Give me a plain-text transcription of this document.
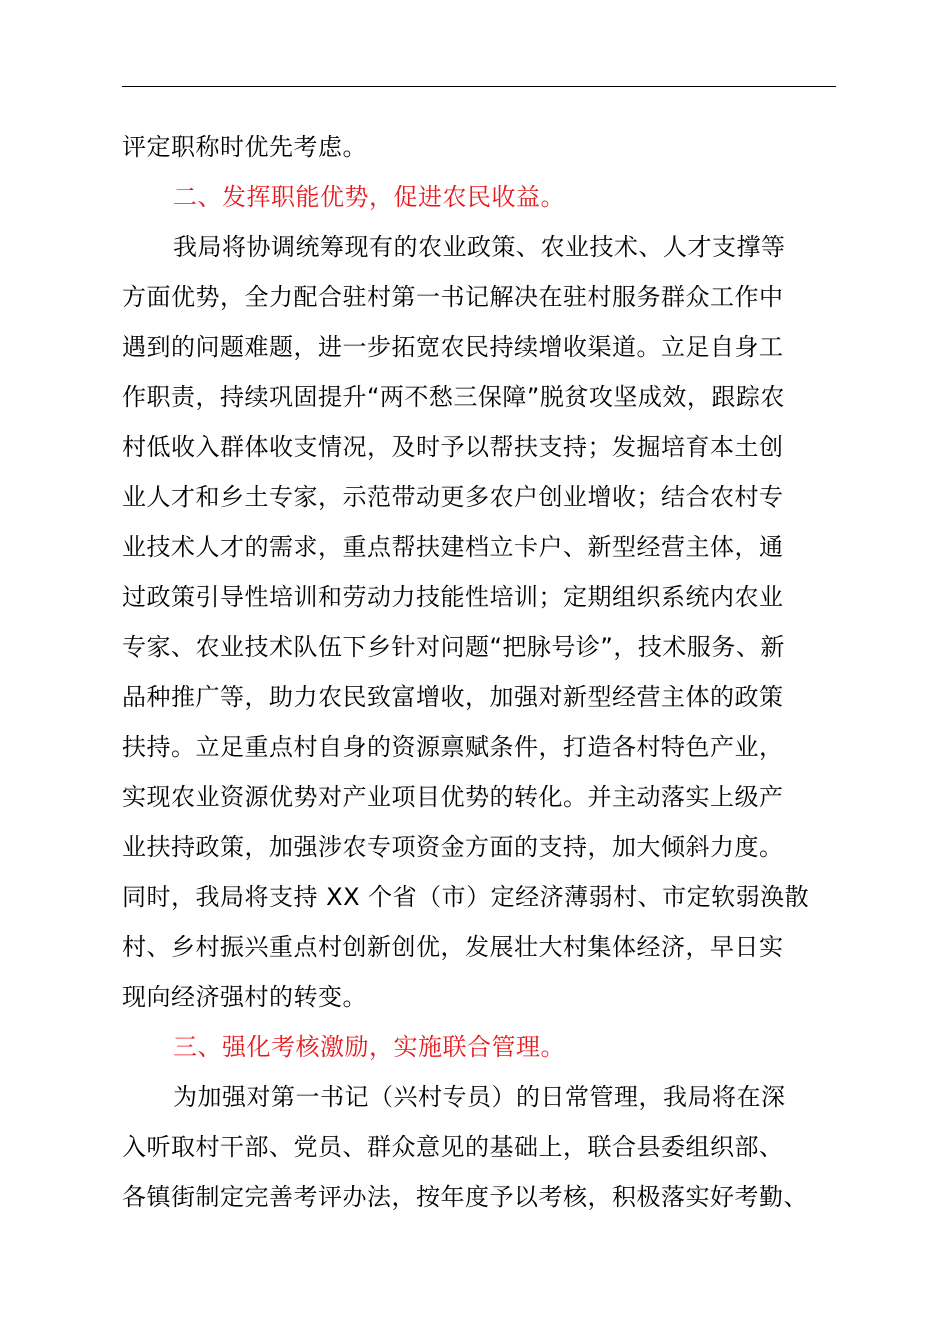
评定职称时优先考虑。
二、发挥职能优势，促进农民收益。
我局将协调统筹现有的农业政策、农业技术、人才支撑等
方面优势，全力配合驻村第一书记解决在驻村服务群众工作中
遇到的问题难题，进一步拓宽农民持续增收渠道。立足自身工
作职责，持续巩固提升“两不愁三保障”脱贫攻坚成效，跟踪农
村低收入群体收支情况，及时予以帮扶支持；发掘培育本土创
业人才和乡土专家，示范带动更多农户创业增收；结合农村专
业技术人才的需求，重点帮扶建档立卡户、新型经营主体，通
过政策引导性培训和劳动力技能性培训；定期组织系统内农业
专家、农业技术队伍下乡针对问题“把脉号诊”，技术服务、新
品种推广等，助力农民致富增收，加强对新型经营主体的政策
扶持。立足重点村自身的资源禀赋条件，打造各村特色产业，
实现农业资源优势对产业项目优势的转化。并主动落实上级产
业扶持政策，加强涉农专项资金方面的支持，加大倾斜力度。
同时，我局将支持 XX 个省（市）定经济薄弱村、市定软弱涣散
村、乡村振兴重点村创新创优，发展壮大村集体经济，早日实
现向经济强村的转变。
三、强化考核激励，实施联合管理。
为加强对第一书记（兴村专员）的日常管理，我局将在深
入听取村干部、党员、群众意见的基础上，联合县委组织部、
各镇街制定完善考评办法，按年度予以考核，积极落实好考勤、
